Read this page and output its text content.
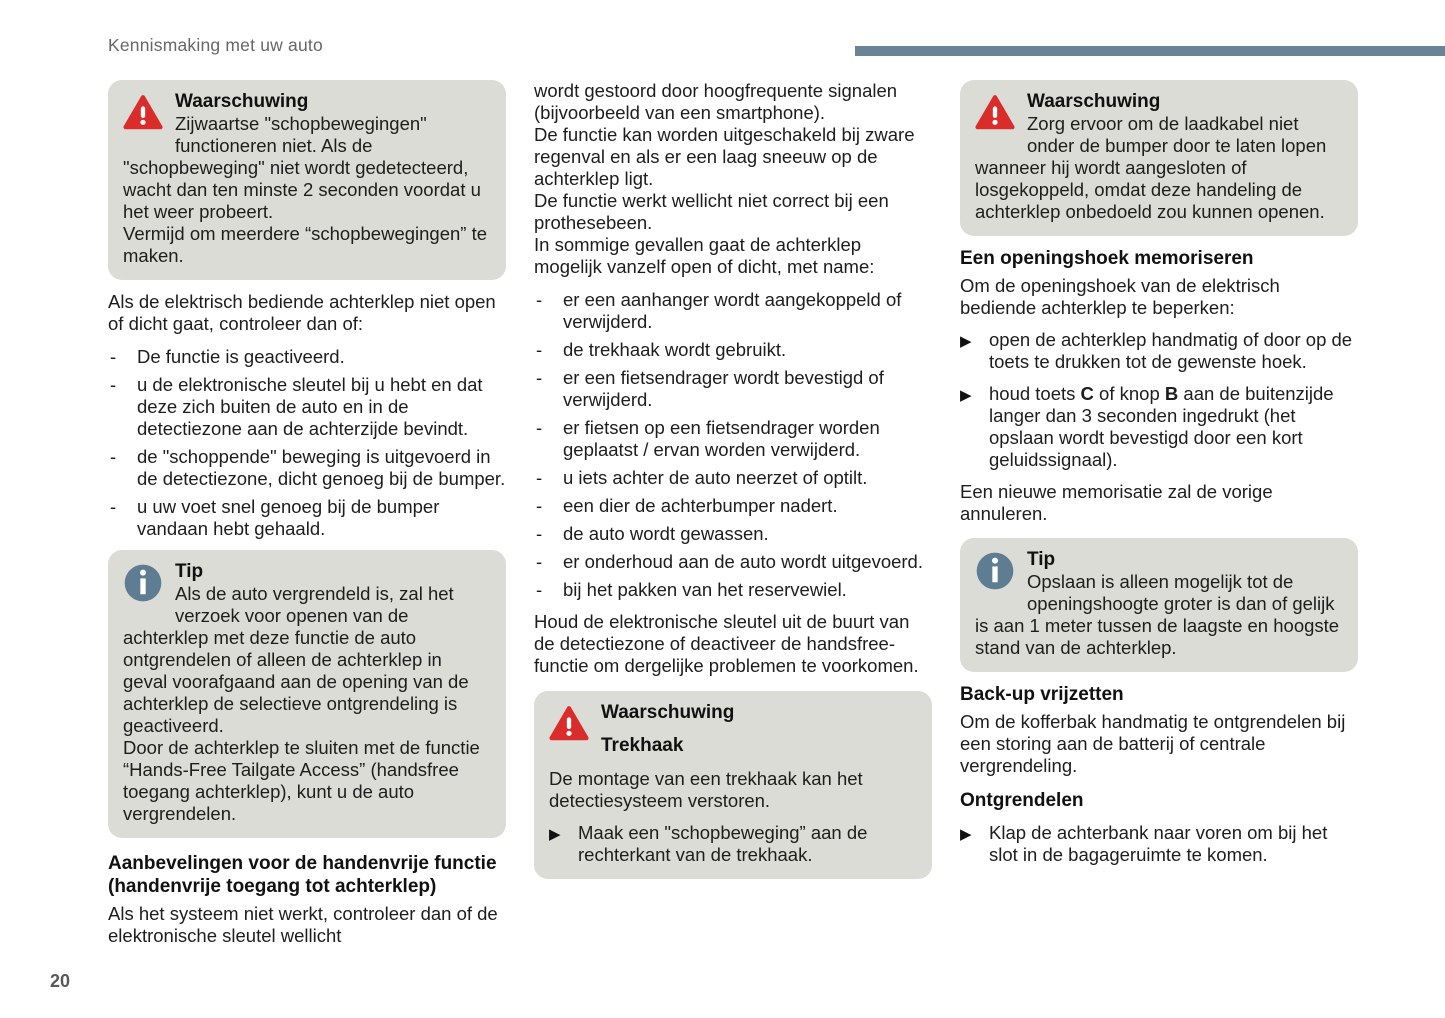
Kennismaking met uw auto
Waarschuwing

Zijwaartse "schopbewegingen" functioneren niet. Als de "schopbeweging" niet wordt gedetecteerd, wacht dan ten minste 2 seconden voordat u het weer probeert.

Vermijd om meerdere “schopbewegingen” te maken.

Als de elektrisch bediende achterklep niet open of dicht gaat, controleer dan of:

- De functie is geactiveerd.
- u de elektronische sleutel bij u hebt en dat deze zich buiten de auto en in de detectiezone aan de achterzijde bevindt.
- de "schoppende" beweging is uitgevoerd in de detectiezone, dicht genoeg bij de bumper.
- u uw voet snel genoeg bij de bumper vandaan hebt gehaald.
Tip

Als de auto vergrendeld is, zal het verzoek voor openen van de achterklep met deze functie de auto ontgrendelen of alleen de achterklep in geval voorafgaand aan de opening van de achterklep de selectieve ontgrendeling is geactiveerd.

Door de achterklep te sluiten met de functie “Hands-Free Tailgate Access” (handsfree toegang achterklep), kunt u de auto vergrendelen.

Aanbevelingen voor de handenvrije functie (handenvrije toegang tot achterklep)

Als het systeem niet werkt, controleer dan of de elektronische sleutel wellicht

wordt gestoord door hoogfrequente signalen (bijvoorbeeld van een smartphone).

De functie kan worden uitgeschakeld bij zware regenval en als er een laag sneeuw op de achterklep ligt.

De functie werkt wellicht niet correct bij een prothesebeen.

In sommige gevallen gaat de achterklep mogelijk vanzelf open of dicht, met name:

- er een aanhanger wordt aangekoppeld of verwijderd.
- de trekhaak wordt gebruikt.
- er een fietsendrager wordt bevestigd of verwijderd.
- er fietsen op een fietsendrager worden geplaatst / ervan worden verwijderd.
- u iets achter de auto neerzet of optilt.
- een dier de achterbumper nadert.
- de auto wordt gewassen.
- er onderhoud aan de auto wordt uitgevoerd.
- bij het pakken van het reservewiel.

Houd de elektronische sleutel uit de buurt van de detectiezone of deactiveer de handsfree-functie om dergelijke problemen te voorkomen.

Waarschuwing
Trekhaak

De montage van een trekhaak kan het detectiesysteem verstoren.

▶ Maak een "schopbeweging” aan de rechterkant van de trekhaak.
Waarschuwing

Zorg ervoor om de laadkabel niet onder de bumper door te laten lopen wanneer hij wordt aangesloten of losgekoppeld, omdat deze handeling de achterklep onbedoeld zou kunnen openen.

Een openingshoek memoriseren

Om de openingshoek van de elektrisch bediende achterklep te beperken:

▶ open de achterklep handmatig of door op de toets te drukken tot de gewenste hoek.
▶ houd toets C of knop B aan de buitenzijde langer dan 3 seconden ingedrukt (het opslaan wordt bevestigd door een kort geluidssignaal).

Een nieuwe memorisatie zal de vorige annuleren.

Tip

Opslaan is alleen mogelijk tot de openingshoogte groter is dan of gelijk is aan 1 meter tussen de laagste en hoogste stand van de achterklep.

Back-up vrijzetten

Om de kofferbak handmatig te ontgrendelen bij een storing aan de batterij of centrale vergrendeling.

Ontgrendelen
▶ Klap de achterbank naar voren om bij het slot in de bagageruimte te komen.
20
